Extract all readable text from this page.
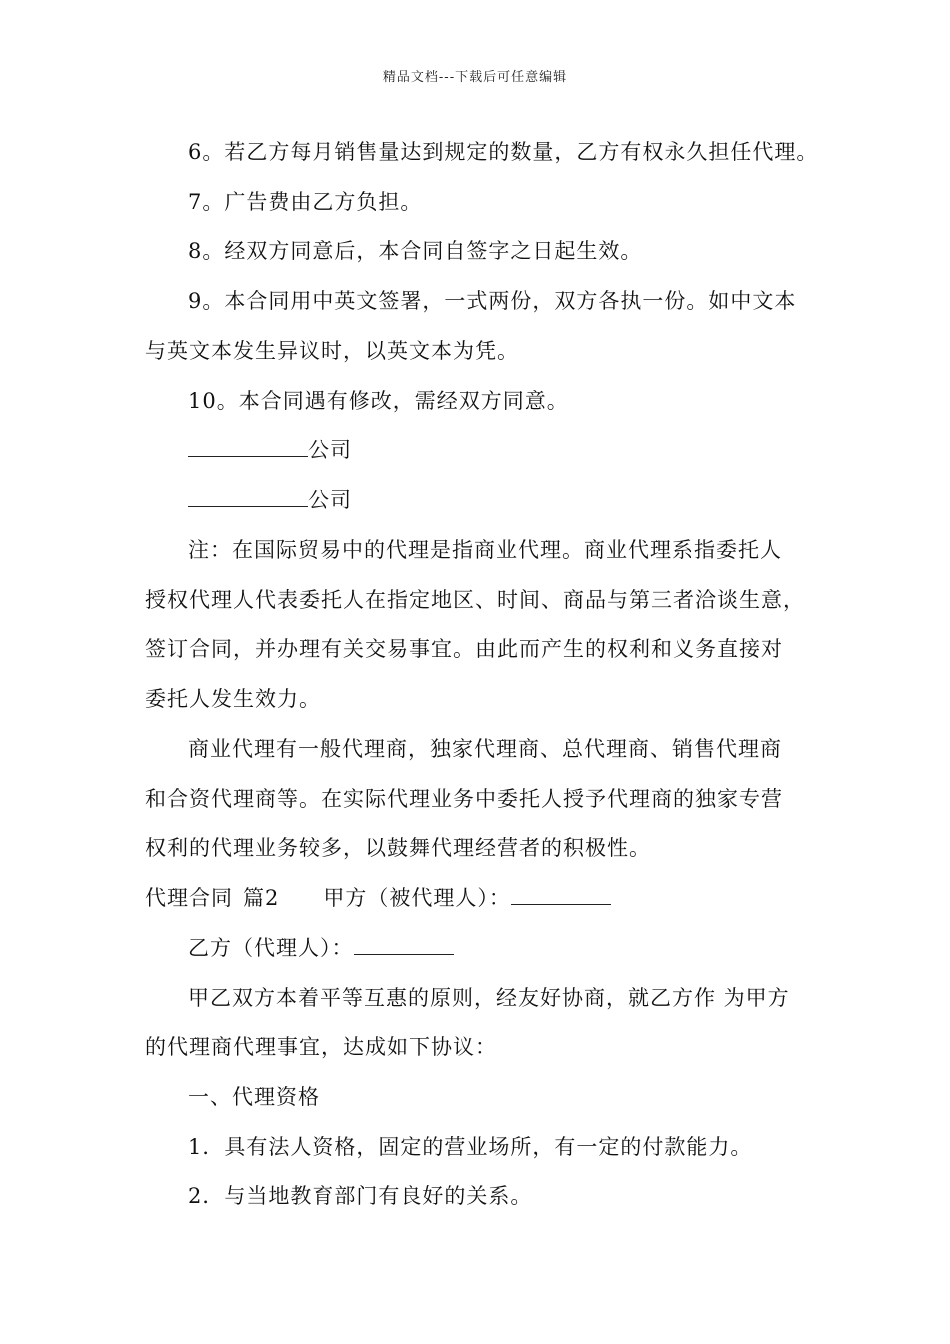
精品文档---下载后可任意编辑
6。若乙方每月销售量达到规定的数量，乙方有权永久担任代理。
7。广告费由乙方负担。
8。经双方同意后，本合同自签字之日起生效。
9。本合同用中英文签署，一式两份，双方各执一份。如中文本
与英文本发生异议时，以英文本为凭。
10。本合同遇有修改，需经双方同意。
公司
公司
注：在国际贸易中的代理是指商业代理。商业代理系指委托人
授权代理人代表委托人在指定地区、时间、商品与第三者洽谈生意，
签订合同，并办理有关交易事宜。由此而产生的权利和义务直接对
委托人发生效力。
商业代理有一般代理商，独家代理商、总代理商、销售代理商
和合资代理商等。在实际代理业务中委托人授予代理商的独家专营
权利的代理业务较多，以鼓舞代理经营者的积极性。
代理合同 篇2 甲方（被代理人）：
乙方（代理人）：
甲乙双方本着平等互惠的原则，经友好协商，就乙方作 为甲方
的代理商代理事宜，达成如下协议：
一、代理资格
1．具有法人资格，固定的营业场所，有一定的付款能力。
2．与当地教育部门有良好的关系。
